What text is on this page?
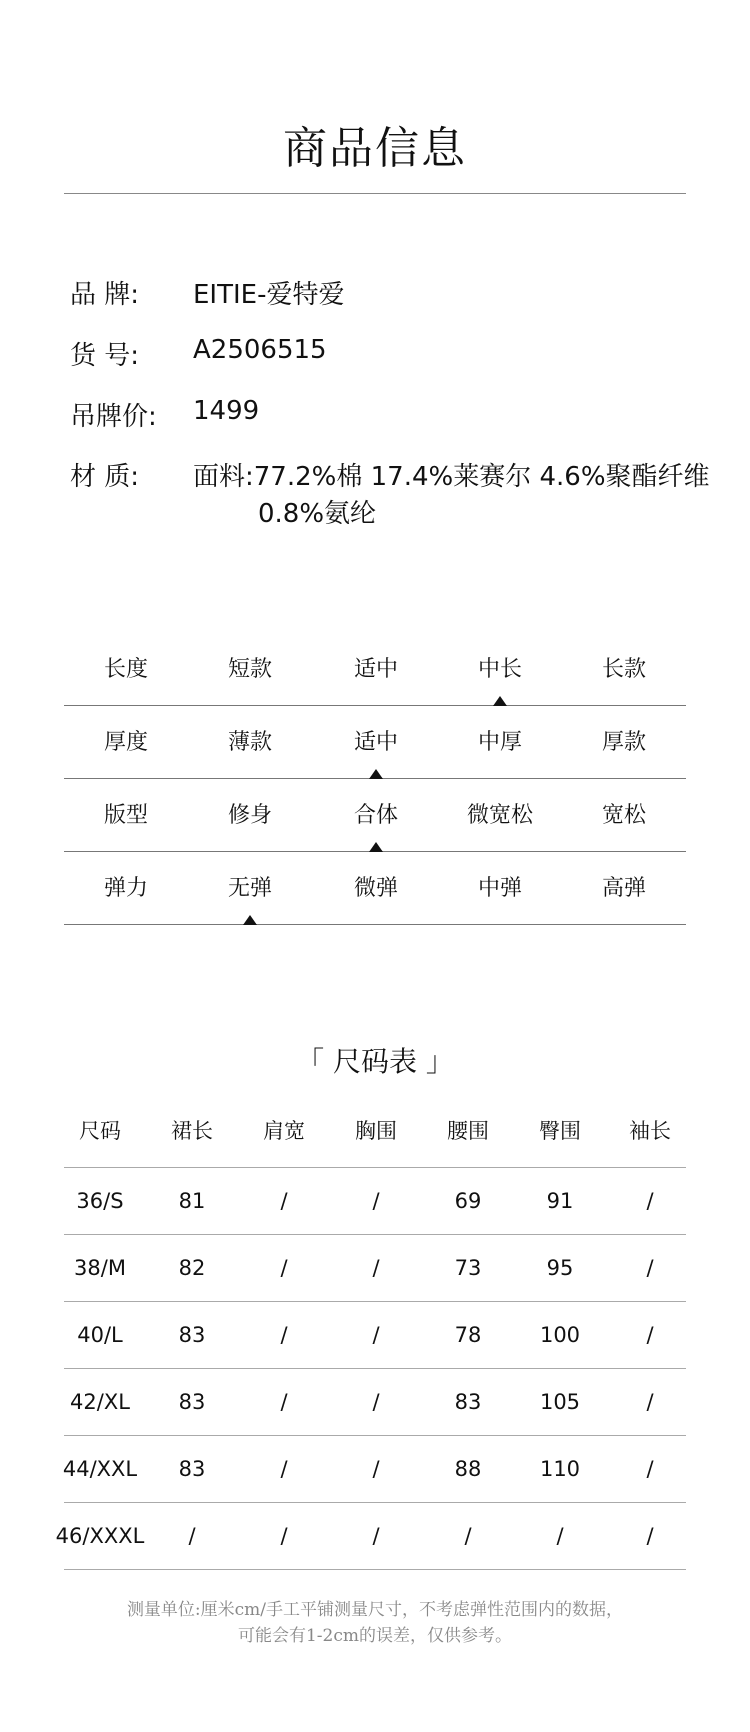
商品信息
品 牌: EITIE-爱特爱
货 号: A2506515
吊牌价: 1499
材 质: 面料:77.2%棉 17.4%莱赛尔 4.6%聚酯纤维
0.8%氨纶
长度	短款	适中	中长	长款
厚度	薄款	适中	中厚	厚款
版型	修身	合体	微宽松	宽松
弹力	无弹	微弹	中弹	高弹
「 尺码表 」
尺码	裙长	肩宽	胸围	腰围	臀围	袖长
36/S	81	/	/	69	91	/
38/M	82	/	/	73	95	/
40/L	83	/	/	78	100	/
42/XL	83	/	/	83	105	/
44/XXL	83	/	/	88	110	/
46/XXXL	/	/	/	/	/	/
测量单位:厘米cm/手工平铺测量尺寸，不考虑弹性范围内的数据，
可能会有1-2cm的误差，仅供参考。
